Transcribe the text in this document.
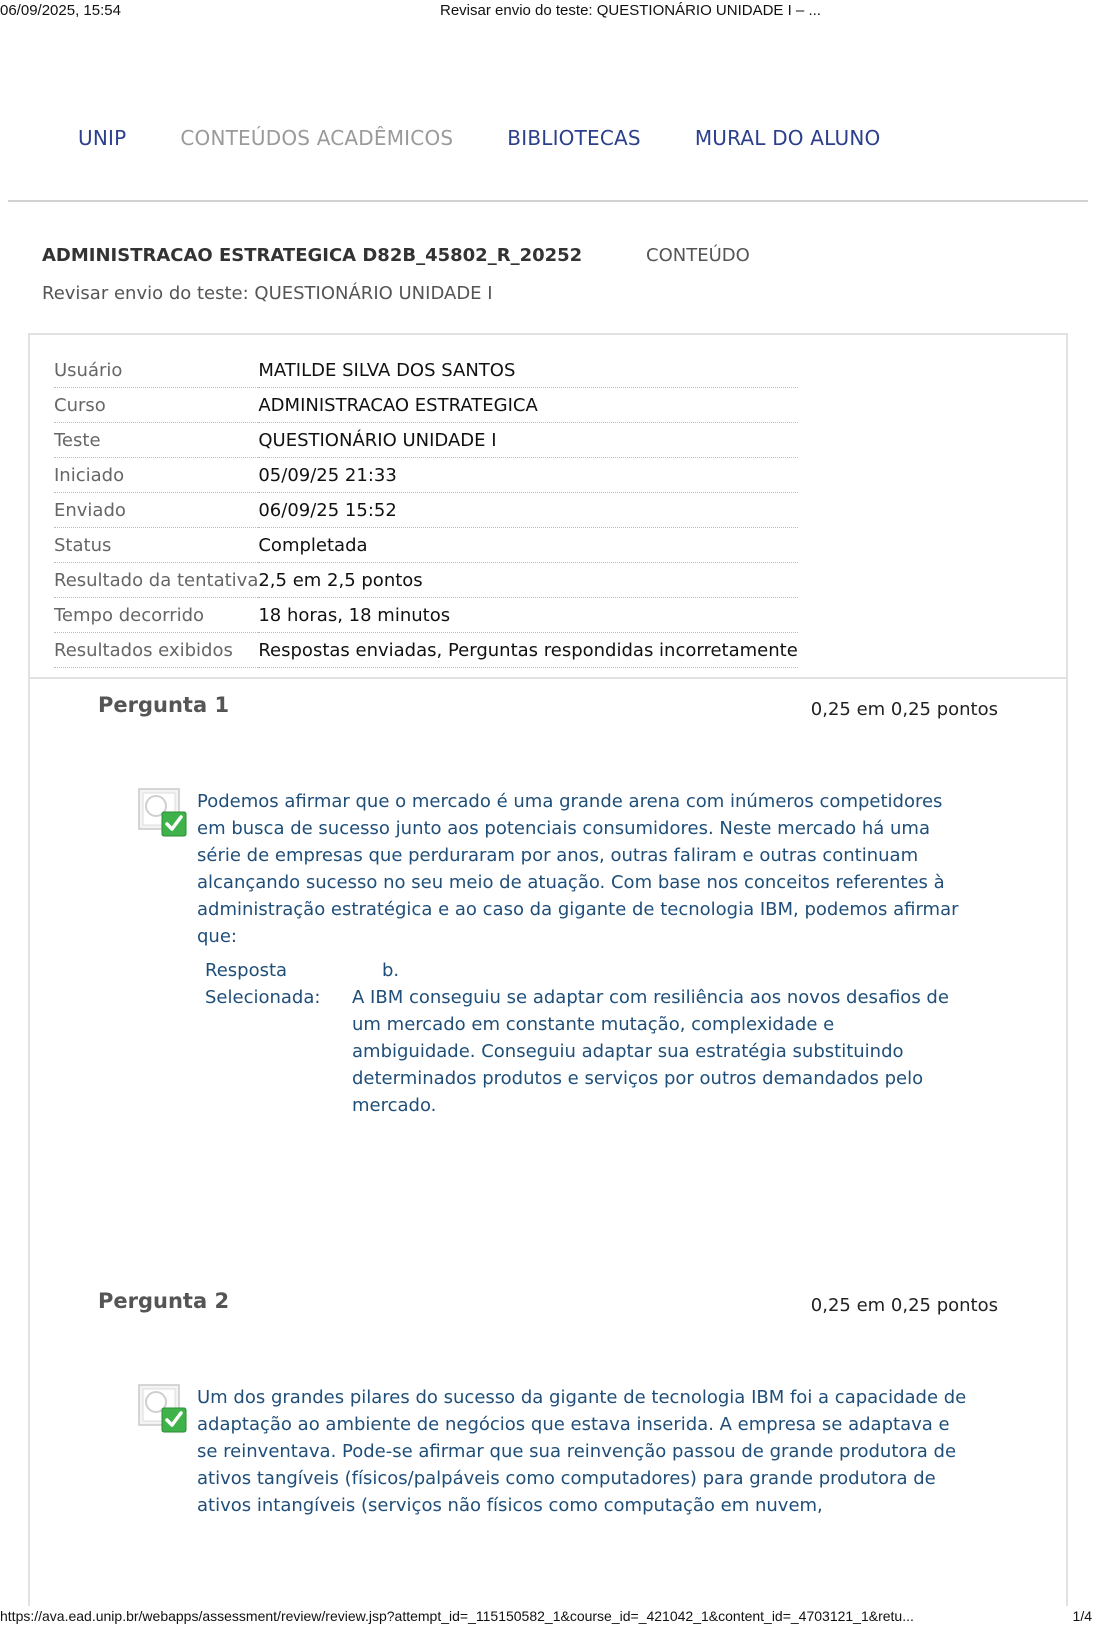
06/09/2025, 15:54	Revisar envio do teste: QUESTIONÁRIO UNIDADE I – ...
UNIP	CONTEÚDOS ACADÊMICOS	BIBLIOTECAS	MURAL DO ALUNO
ADMINISTRACAO ESTRATEGICA D82B_45802_R_20252	CONTEÚDO
Revisar envio do teste: QUESTIONÁRIO UNIDADE I
Usuário	MATILDE SILVA DOS SANTOS
Curso	ADMINISTRACAO ESTRATEGICA
Teste	QUESTIONÁRIO UNIDADE I
Iniciado	05/09/25 21:33
Enviado	06/09/25 15:52
Status	Completada
Resultado da tentativa	2,5 em 2,5 pontos
Tempo decorrido	18 horas, 18 minutos
Resultados exibidos	Respostas enviadas, Perguntas respondidas incorretamente
Pergunta 1	0,25 em 0,25 pontos
Podemos afirmar que o mercado é uma grande arena com inúmeros competidores em busca de sucesso junto aos potenciais consumidores. Neste mercado há uma série de empresas que perduraram por anos, outras faliram e outras continuam alcançando sucesso no seu meio de atuação. Com base nos conceitos referentes à administração estratégica e ao caso da gigante de tecnologia IBM, podemos afirmar que:
Resposta Selecionada:
b.
A IBM conseguiu se adaptar com resiliência aos novos desafios de um mercado em constante mutação, complexidade e ambiguidade. Conseguiu adaptar sua estratégia substituindo determinados produtos e serviços por outros demandados pelo mercado.
Pergunta 2	0,25 em 0,25 pontos
Um dos grandes pilares do sucesso da gigante de tecnologia IBM foi a capacidade de adaptação ao ambiente de negócios que estava inserida. A empresa se adaptava e se reinventava. Pode-se afirmar que sua reinvenção passou de grande produtora de ativos tangíveis (físicos/palpáveis como computadores) para grande produtora de ativos intangíveis (serviços não físicos como computação em nuvem,
https://ava.ead.unip.br/webapps/assessment/review/review.jsp?attempt_id=_115150582_1&course_id=_421042_1&content_id=_4703121_1&retu...	1/4
